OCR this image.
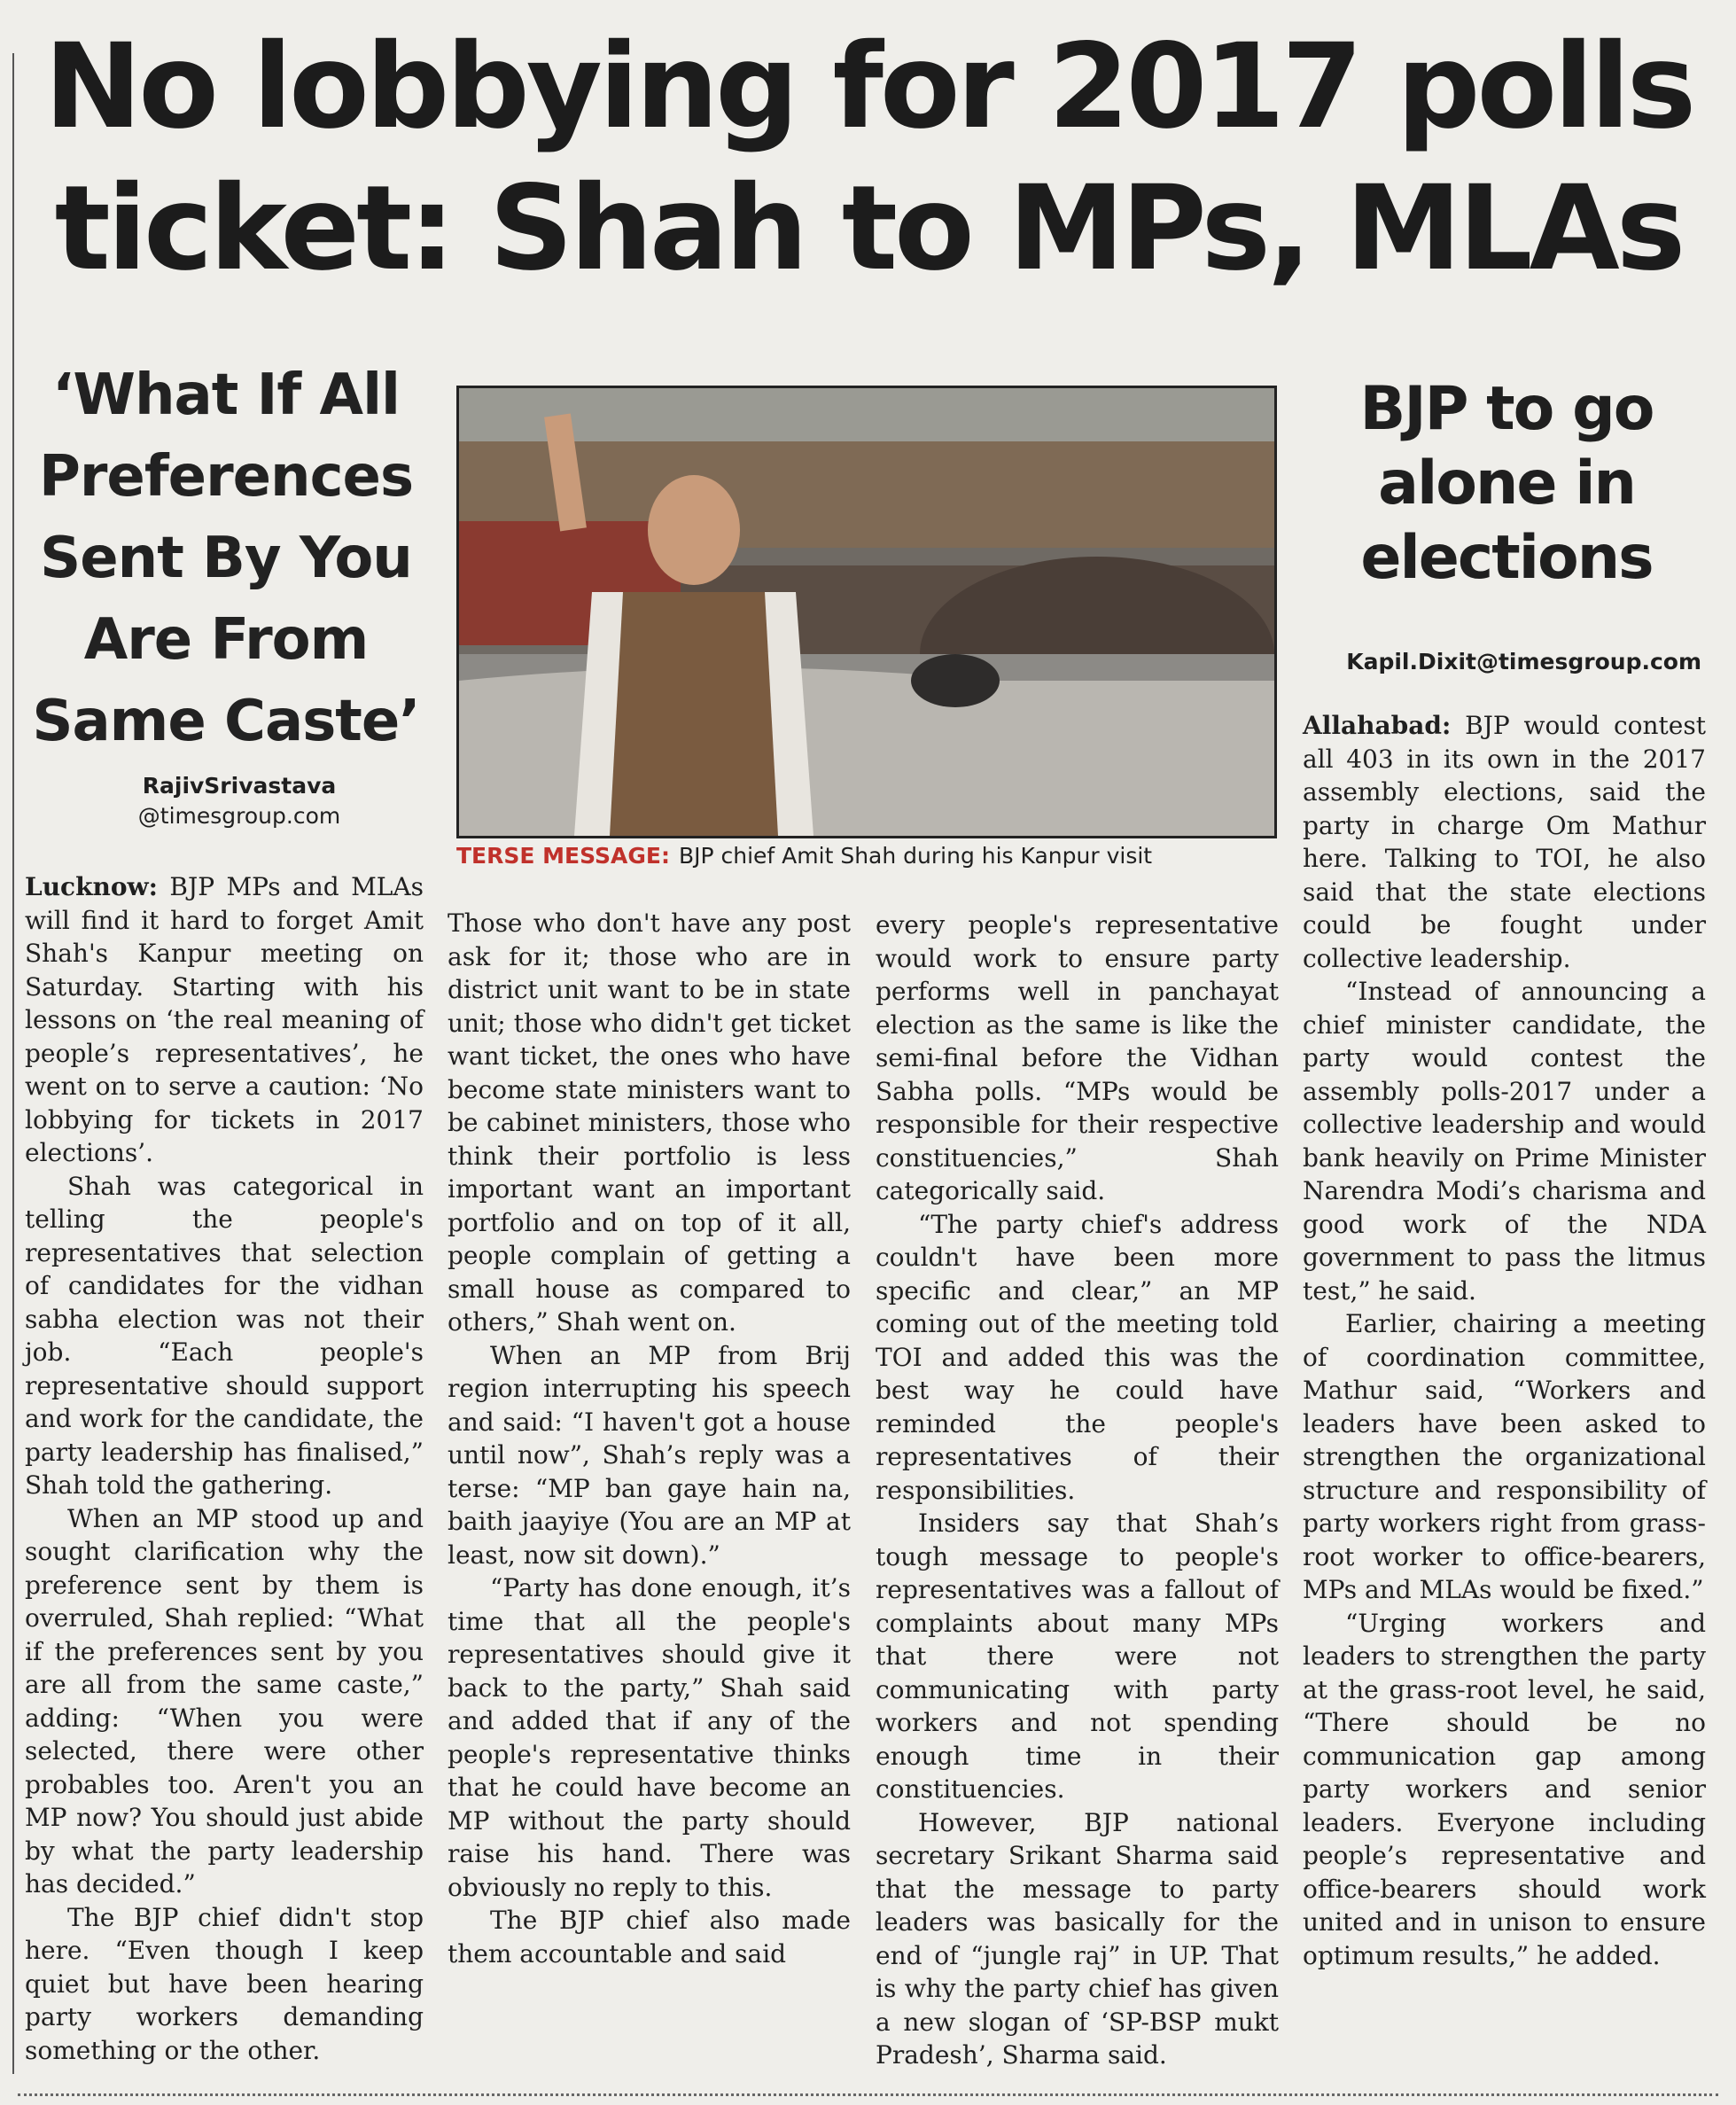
No lobbying for 2017 polls ticket: Shah to MPs, MLAs
‘What If All Preferences Sent By You Are From Same Caste’
RajivSrivastava
@timesgroup.com
TERSE MESSAGE: BJP chief Amit Shah during his Kanpur visit
BJP to go alone in elections
Kapil.Dixit@timesgroup.com

Lucknow: BJP MPs and MLAs will find it hard to forget Amit Shah's Kanpur meeting on Saturday. Starting with his lessons on ‘the real meaning of people’s representatives’, he went on to serve a caution: ‘No lobbying for tickets in 2017 elections’.

Shah was categorical in telling the people's representatives that selection of candidates for the vidhan sabha election was not their job. “Each people's representative should support and work for the candidate, the party leadership has finalised,” Shah told the gathering.

When an MP stood up and sought clarification why the preference sent by them is overruled, Shah replied: “What if the preferences sent by you are all from the same caste,” adding: “When you were selected, there were other probables too. Aren't you an MP now? You should just abide by what the party leadership has decided.”

The BJP chief didn't stop here. “Even though I keep quiet but have been hearing party workers demanding something or the other.

Those who don't have any post ask for it; those who are in district unit want to be in state unit; those who didn't get ticket want ticket, the ones who have become state ministers want to be cabinet ministers, those who think their portfolio is less important want an important portfolio and on top of it all, people complain of getting a small house as compared to others,” Shah went on.

When an MP from Brij region interrupting his speech and said: “I haven't got a house until now”, Shah’s reply was a terse: “MP ban gaye hain na, baith jaayiye (You are an MP at least, now sit down).”

“Party has done enough, it’s time that all the people's representatives should give it back to the party,” Shah said and added that if any of the people's representative thinks that he could have become an MP without the party should raise his hand. There was obviously no reply to this.

The BJP chief also made them accountable and said

every people's representative would work to ensure party performs well in panchayat election as the same is like the semi-final before the Vidhan Sabha polls. “MPs would be responsible for their respective constituencies,” Shah categorically said.

“The party chief's address couldn't have been more specific and clear,” an MP coming out of the meeting told TOI and added this was the best way he could have reminded the people's representatives of their responsibilities.

Insiders say that Shah’s tough message to people's representatives was a fallout of complaints about many MPs that there were not communicating with party workers and not spending enough time in their constituencies.

However, BJP national secretary Srikant Sharma said that the message to party leaders was basically for the end of “jungle raj” in UP. That is why the party chief has given a new slogan of ‘SP-BSP mukt Pradesh’, Sharma said.

Allahabad: BJP would contest all 403 in its own in the 2017 assembly elections, said the party in charge Om Mathur here. Talking to TOI, he also said that the state elections could be fought under collective leadership.

“Instead of announcing a chief minister candidate, the party would contest the assembly polls-2017 under a collective leadership and would bank heavily on Prime Minister Narendra Modi’s charisma and good work of the NDA government to pass the litmus test,” he said.

Earlier, chairing a meeting of coordination committee, Mathur said, “Workers and leaders have been asked to strengthen the organizational structure and responsibility of party workers right from grass-root worker to office-bearers, MPs and MLAs would be fixed.”

“Urging workers and leaders to strengthen the party at the grass-root level, he said, “There should be no communication gap among party workers and senior leaders. Everyone including people’s representative and office-bearers should work united and in unison to ensure optimum results,” he added.
